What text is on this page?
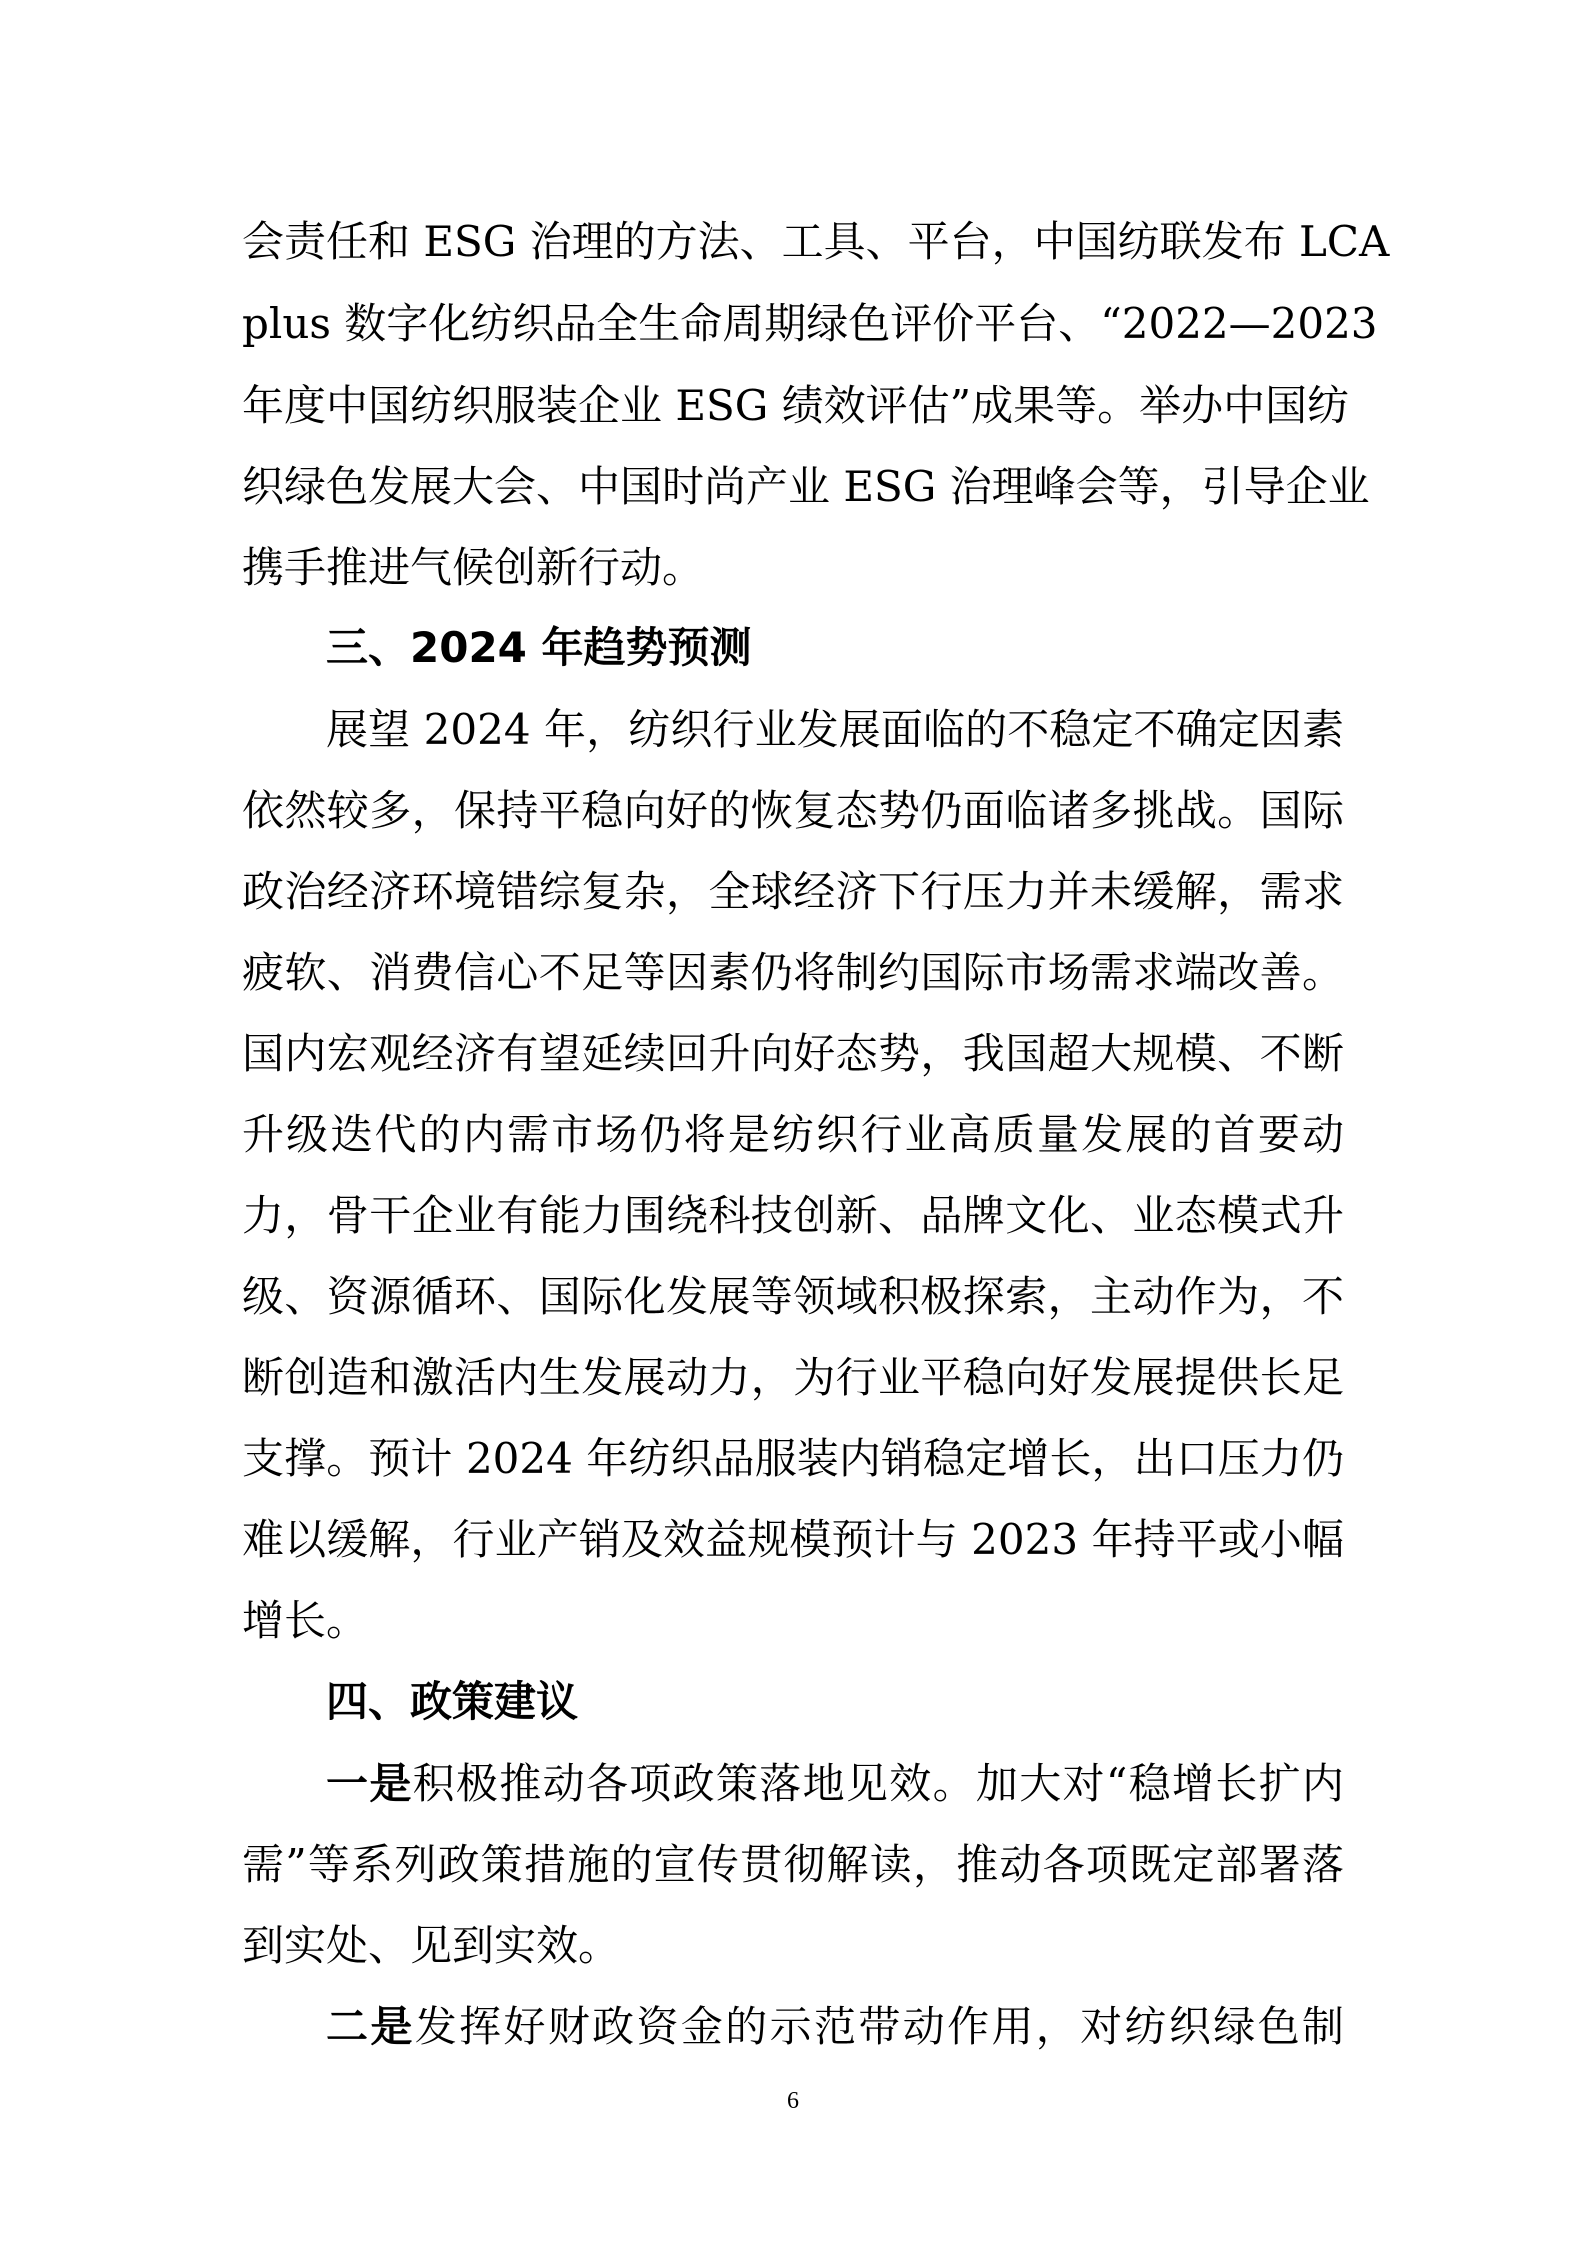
会责任和 ESG 治理的方法、工具、平台，中国纺联发布 LCA
plus 数字化纺织品全生命周期绿色评价平台、“2022—2023
年度中国纺织服装企业 ESG 绩效评估”成果等。举办中国纺
织绿色发展大会、中国时尚产业 ESG 治理峰会等，引导企业
携手推进气候创新行动。
三、2024 年趋势预测
展望 2024 年，纺织行业发展面临的不稳定不确定因素
依然较多，保持平稳向好的恢复态势仍面临诸多挑战。国际
政治经济环境错综复杂，全球经济下行压力并未缓解，需求
疲软、消费信心不足等因素仍将制约国际市场需求端改善。
国内宏观经济有望延续回升向好态势，我国超大规模、不断
升级迭代的内需市场仍将是纺织行业高质量发展的首要动
力，骨干企业有能力围绕科技创新、品牌文化、业态模式升
级、资源循环、国际化发展等领域积极探索，主动作为，不
断创造和激活内生发展动力，为行业平稳向好发展提供长足
支撑。预计 2024 年纺织品服装内销稳定增长，出口压力仍
难以缓解，行业产销及效益规模预计与 2023 年持平或小幅
增长。
四、政策建议
一是积极推动各项政策落地见效。加大对“稳增长扩内
需”等系列政策措施的宣传贯彻解读，推动各项既定部署落
到实处、见到实效。
二是发挥好财政资金的示范带动作用，对纺织绿色制
6
